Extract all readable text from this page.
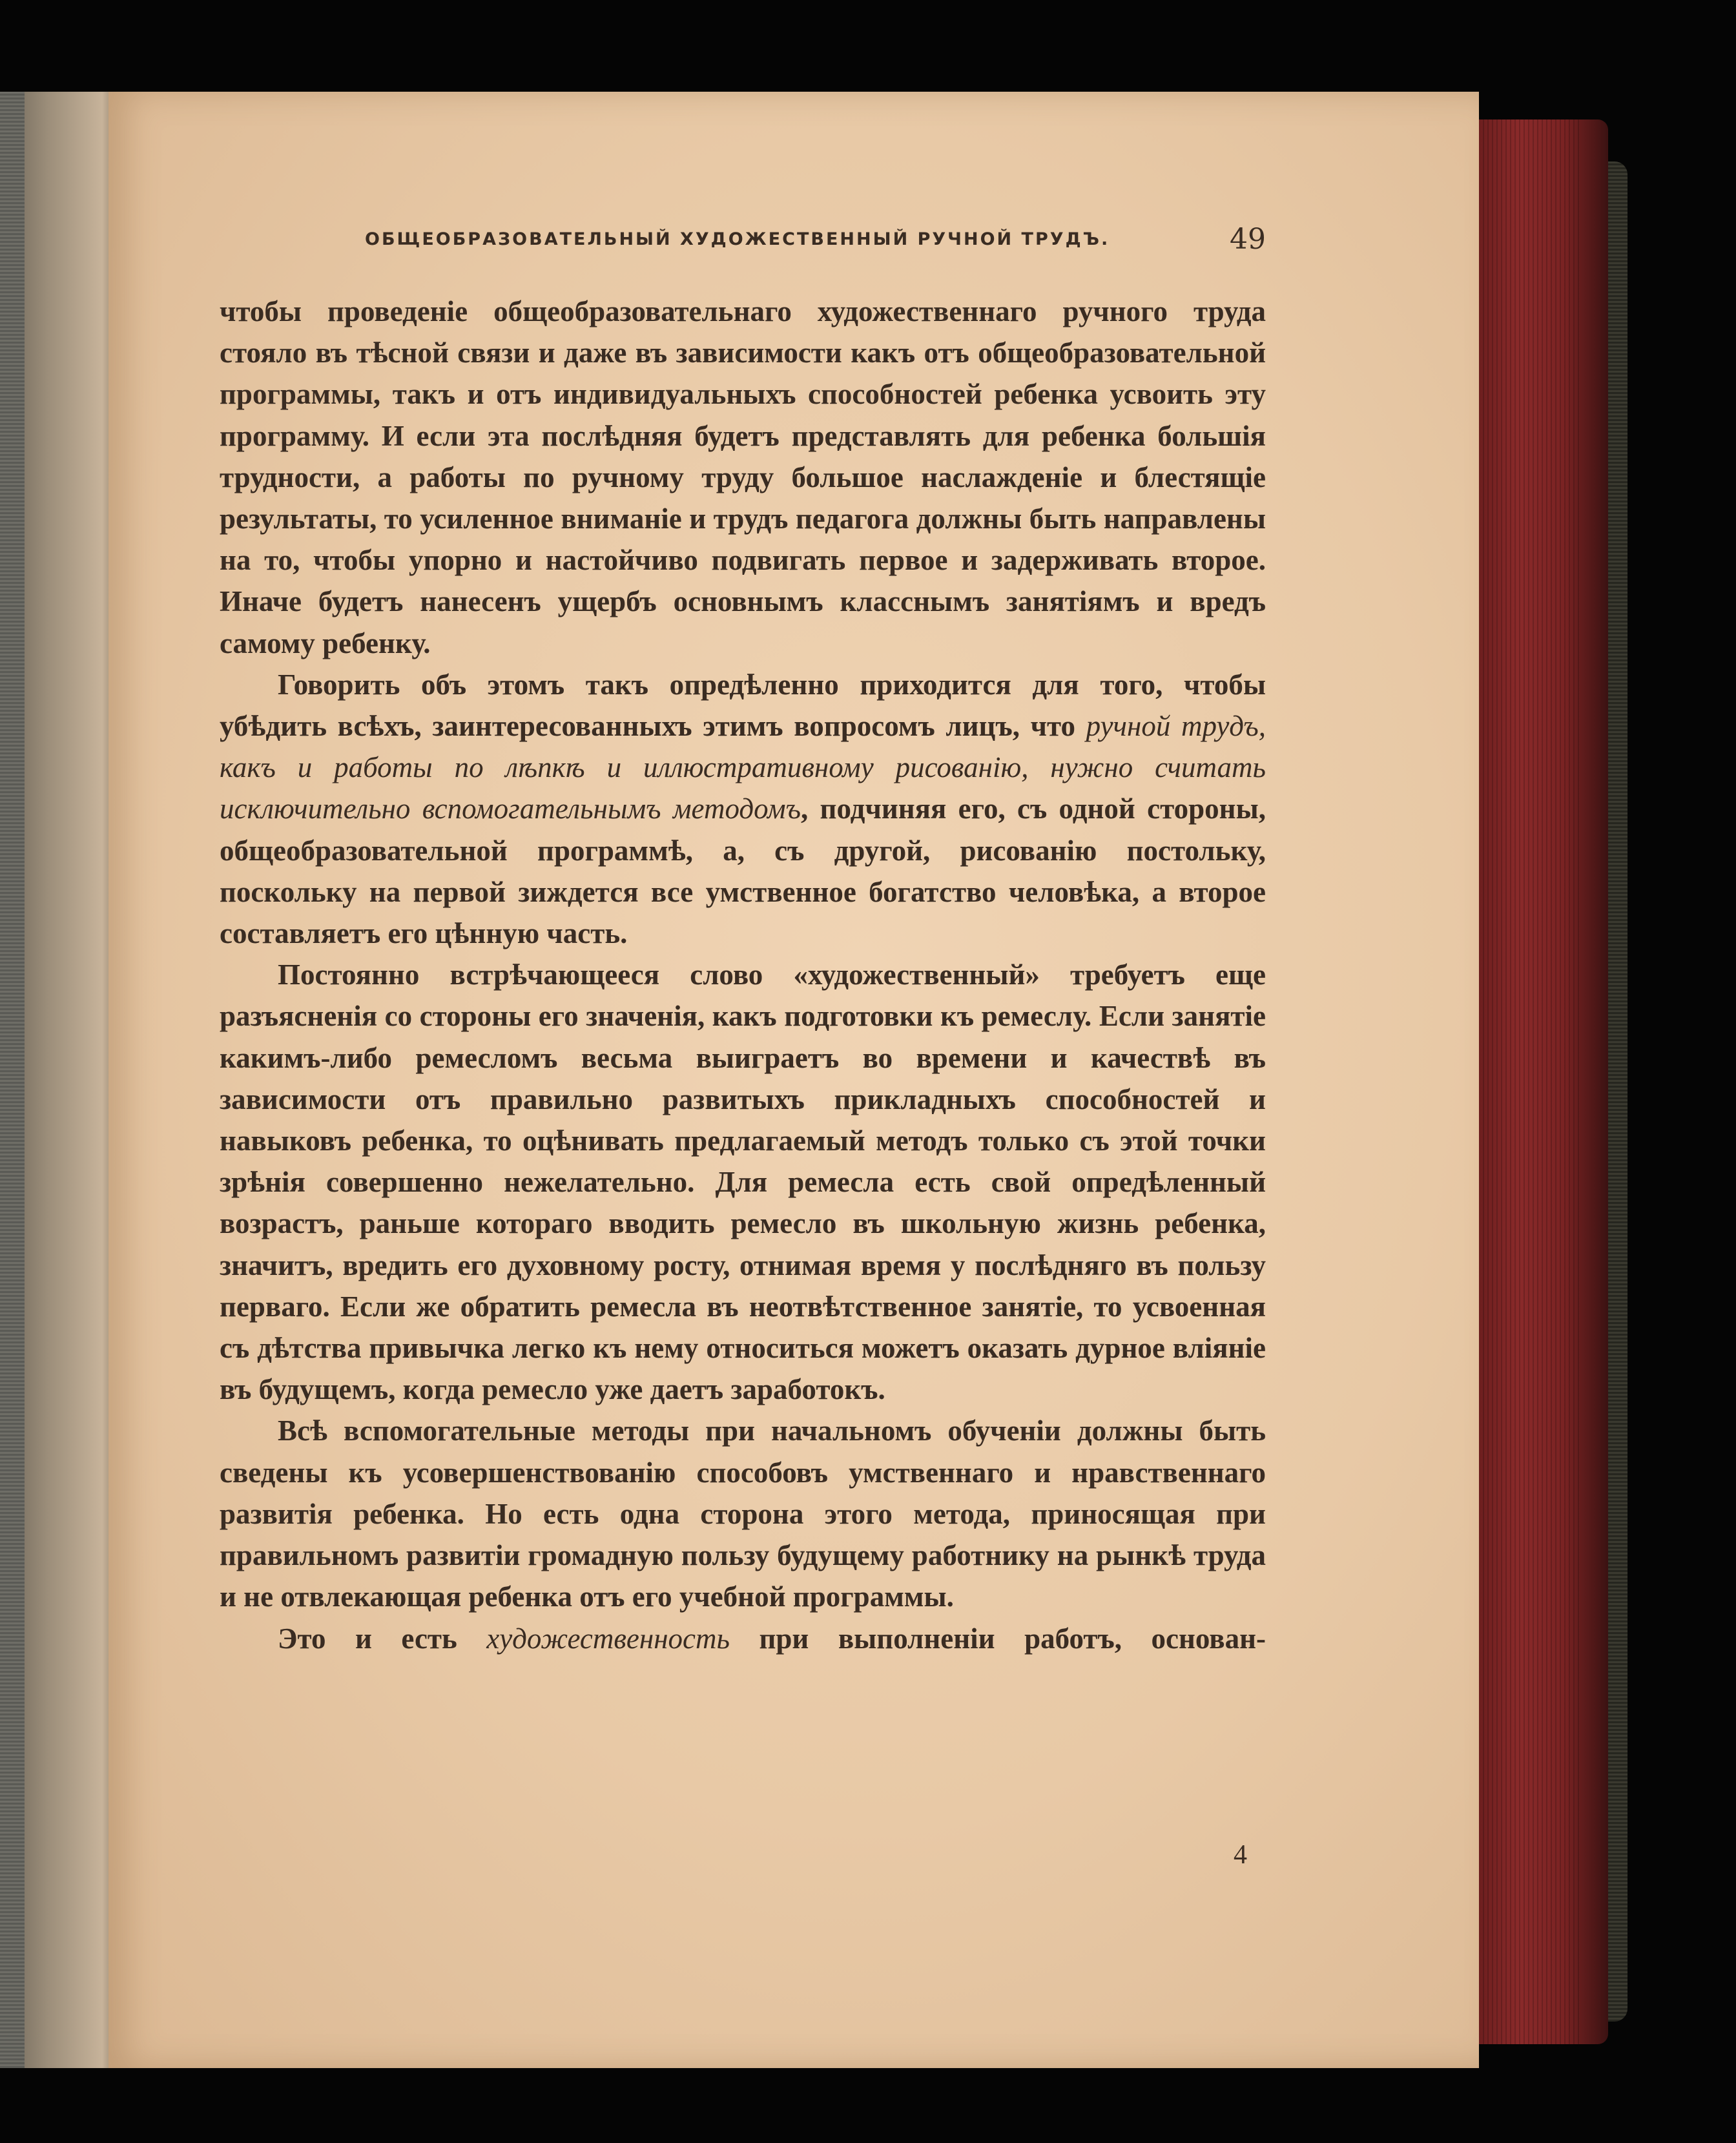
ОБЩЕОБРАЗОВАТЕЛЬНЫЙ ХУДОЖЕСТВЕННЫЙ РУЧНОЙ ТРУДЪ.	49

чтобы проведенiе общеобразовательнаго художественнаго ручного труда стояло въ тѣсной связи и даже въ зависимости какъ отъ общеобразовательной программы, такъ и отъ индивидуальныхъ способностей ребенка усвоить эту программу. И если эта послѣдняя будетъ представлять для ребенка большiя трудности, а работы по ручному труду большое наслажденiе и блестящiе результаты, то усиленное вниманiе и трудъ педагога должны быть направлены на то, чтобы упорно и настойчиво подвигать первое и задерживать второе. Иначе будетъ нанесенъ ущербъ основнымъ класснымъ занятiямъ и вредъ самому ребенку.

Говорить объ этомъ такъ опредѣленно приходится для того, чтобы убѣдить всѣхъ, заинтересованныхъ этимъ вопросомъ лицъ, что ручной трудъ, какъ и работы по лѣпкѣ и иллюстративному рисованiю, нужно считать исключительно вспомогательнымъ методомъ, подчиняя его, съ одной стороны, общеобразовательной программѣ, а, съ другой, рисованiю постольку, поскольку на первой зиждется все умственное богатство человѣка, а второе составляетъ его цѣнную часть.

Постоянно встрѣчающееся слово «художественный» требуетъ еще разъясненiя со стороны его значенiя, какъ подготовки къ ремеслу. Если занятiе какимъ-либо ремесломъ весьма выиграетъ во времени и качествѣ въ зависимости отъ правильно развитыхъ прикладныхъ способностей и навыковъ ребенка, то оцѣнивать предлагаемый методъ только съ этой точки зрѣнiя совершенно нежелательно. Для ремесла есть свой опредѣленный возрастъ, раньше котораго вводить ремесло въ школьную жизнь ребенка, значитъ, вредить его духовному росту, отнимая время у послѣдняго въ пользу перваго. Если же обратить ремесла въ неотвѣтственное занятiе, то усвоенная съ дѣтства привычка легко къ нему относиться можетъ оказать дурное влiянiе въ будущемъ, когда ремесло уже даетъ заработокъ.

Всѣ вспомогательные методы при начальномъ обученiи должны быть сведены къ усовершенствованiю способовъ умственнаго и нравственнаго развитiя ребенка. Но есть одна сторона этого метода, приносящая при правильномъ развитiи громадную пользу будущему работнику на рынкѣ труда и не отвлекающая ребенка отъ его учебной программы.

Это и есть художественность при выполненiи работъ, основан-

4
